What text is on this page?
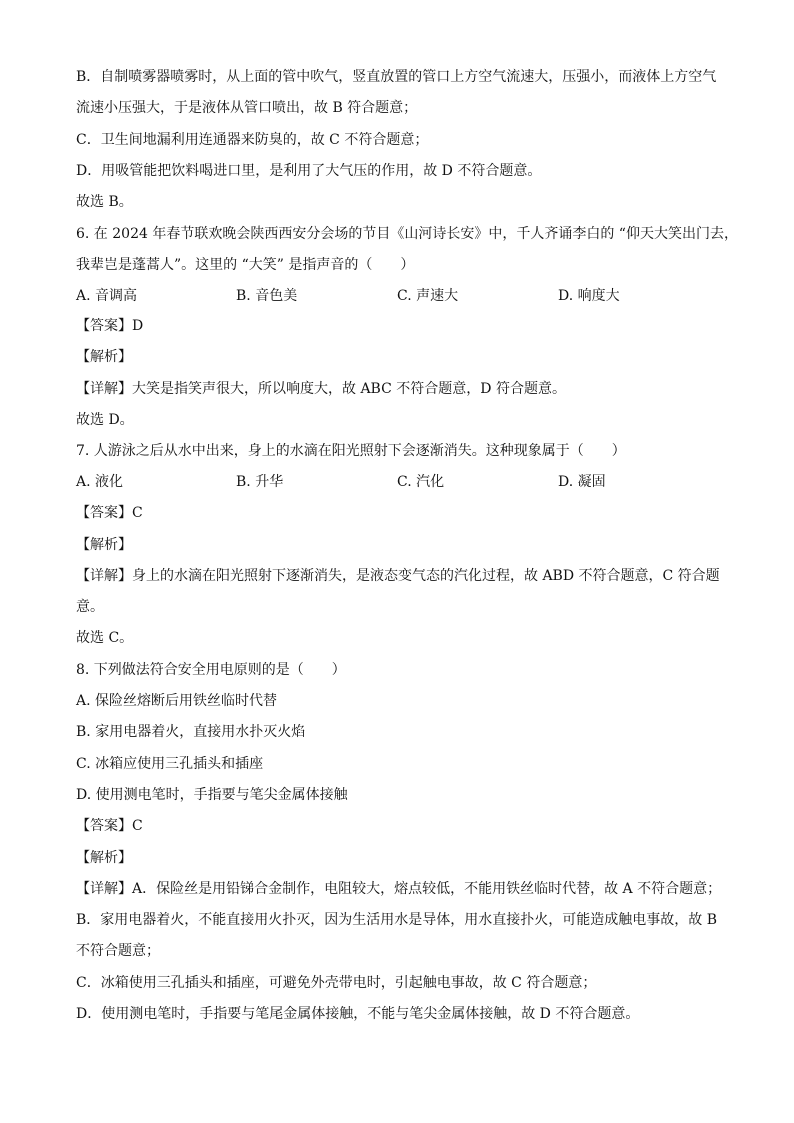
B．自制喷雾器喷雾时，从上面的管中吹气，竖直放置的管口上方空气流速大，压强小，而液体上方空气
流速小压强大，于是液体从管口喷出，故 B 符合题意；
C．卫生间地漏利用连通器来防臭的，故 C 不符合题意；
D．用吸管能把饮料喝进口里，是利用了大气压的作用，故 D 不符合题意。
故选 B。
6. 在 2024 年春节联欢晚会陕西西安分会场的节目《山河诗长安》中，千人齐诵李白的 “仰天大笑出门去，
我辈岂是蓬蒿人”。这里的 “大笑” 是指声音的（　　）
A. 音调高	B. 音色美	C. 声速大	D. 响度大
【答案】D
【解析】
【详解】大笑是指笑声很大，所以响度大，故 ABC 不符合题意，D 符合题意。
故选 D。
7. 人游泳之后从水中出来，身上的水滴在阳光照射下会逐渐消失。这种现象属于（　　）
A. 液化	B. 升华	C. 汽化	D. 凝固
【答案】C
【解析】
【详解】身上的水滴在阳光照射下逐渐消失，是液态变气态的汽化过程，故 ABD 不符合题意，C 符合题
意。
故选 C。
8. 下列做法符合安全用电原则的是（　　）
A. 保险丝熔断后用铁丝临时代替
B. 家用电器着火，直接用水扑灭火焰
C. 冰箱应使用三孔插头和插座
D. 使用测电笔时，手指要与笔尖金属体接触
【答案】C
【解析】
【详解】A．保险丝是用铅锑合金制作，电阻较大，熔点较低，不能用铁丝临时代替，故 A 不符合题意；
B．家用电器着火，不能直接用火扑灭，因为生活用水是导体，用水直接扑火，可能造成触电事故，故 B
不符合题意；
C．冰箱使用三孔插头和插座，可避免外壳带电时，引起触电事故，故 C 符合题意；
D．使用测电笔时，手指要与笔尾金属体接触，不能与笔尖金属体接触，故 D 不符合题意。
